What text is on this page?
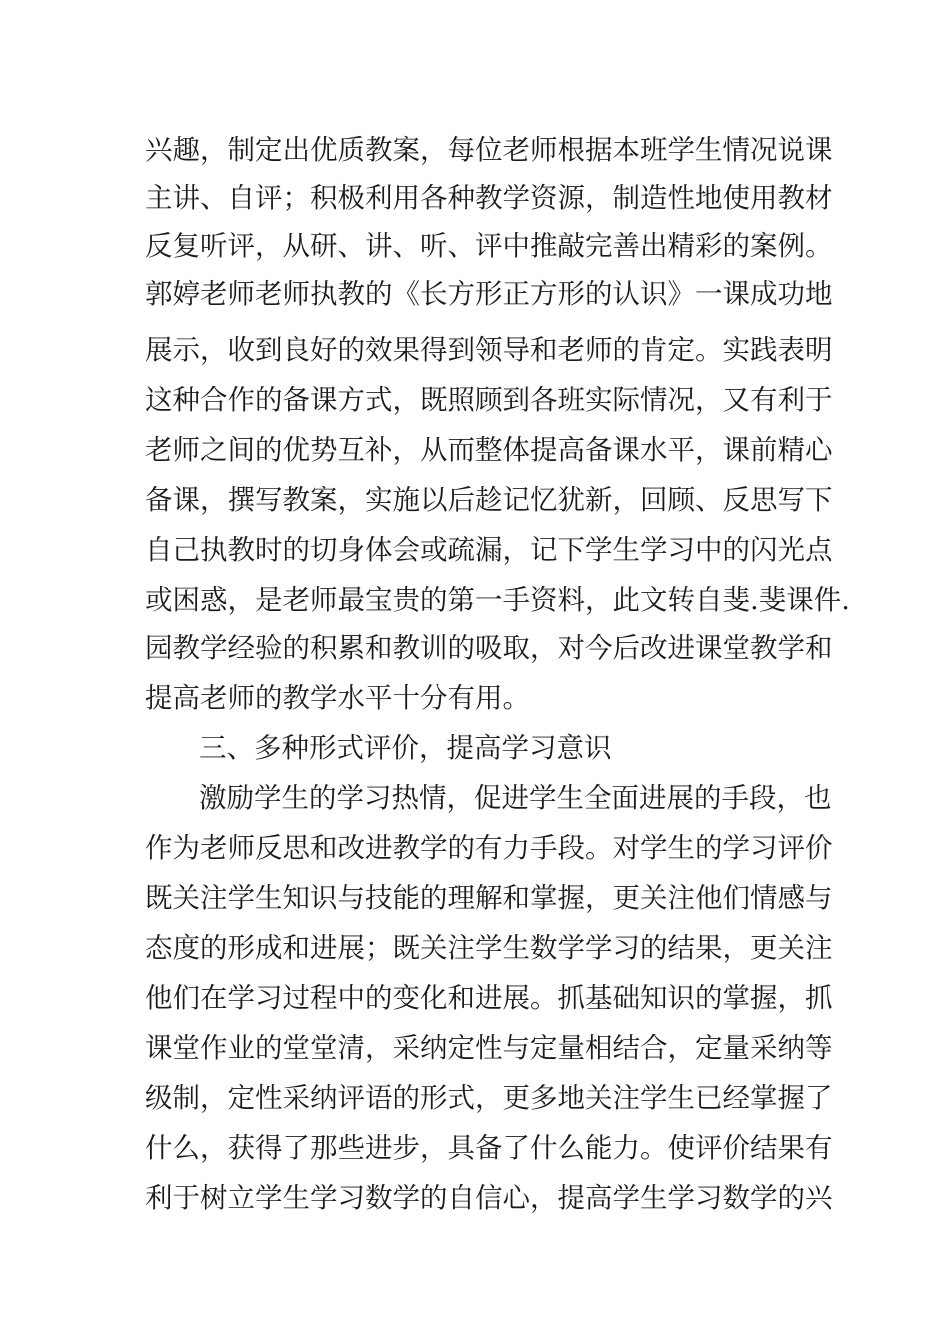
兴趣，制定出优质教案，每位老师根据本班学生情况说课
主讲、自评；积极利用各种教学资源，制造性地使用教材
反复听评，从研、讲、听、评中推敲完善出精彩的案例。
郭婷老师老师执教的《长方形正方形的认识》一课成功地
展示，收到良好的效果得到领导和老师的肯定。实践表明
这种合作的备课方式，既照顾到各班实际情况，又有利于
老师之间的优势互补，从而整体提高备课水平，课前精心
备课，撰写教案，实施以后趁记忆犹新，回顾、反思写下
自己执教时的切身体会或疏漏，记下学生学习中的闪光点
或困惑，是老师最宝贵的第一手资料，此文转自斐.斐课件.
园教学经验的积累和教训的吸取，对今后改进课堂教学和
提高老师的教学水平十分有用。
三、多种形式评价，提高学习意识
激励学生的学习热情，促进学生全面进展的手段，也
作为老师反思和改进教学的有力手段。对学生的学习评价
既关注学生知识与技能的理解和掌握，更关注他们情感与
态度的形成和进展；既关注学生数学学习的结果，更关注
他们在学习过程中的变化和进展。抓基础知识的掌握，抓
课堂作业的堂堂清，采纳定性与定量相结合，定量采纳等
级制，定性采纳评语的形式，更多地关注学生已经掌握了
什么，获得了那些进步，具备了什么能力。使评价结果有
利于树立学生学习数学的自信心，提高学生学习数学的兴
